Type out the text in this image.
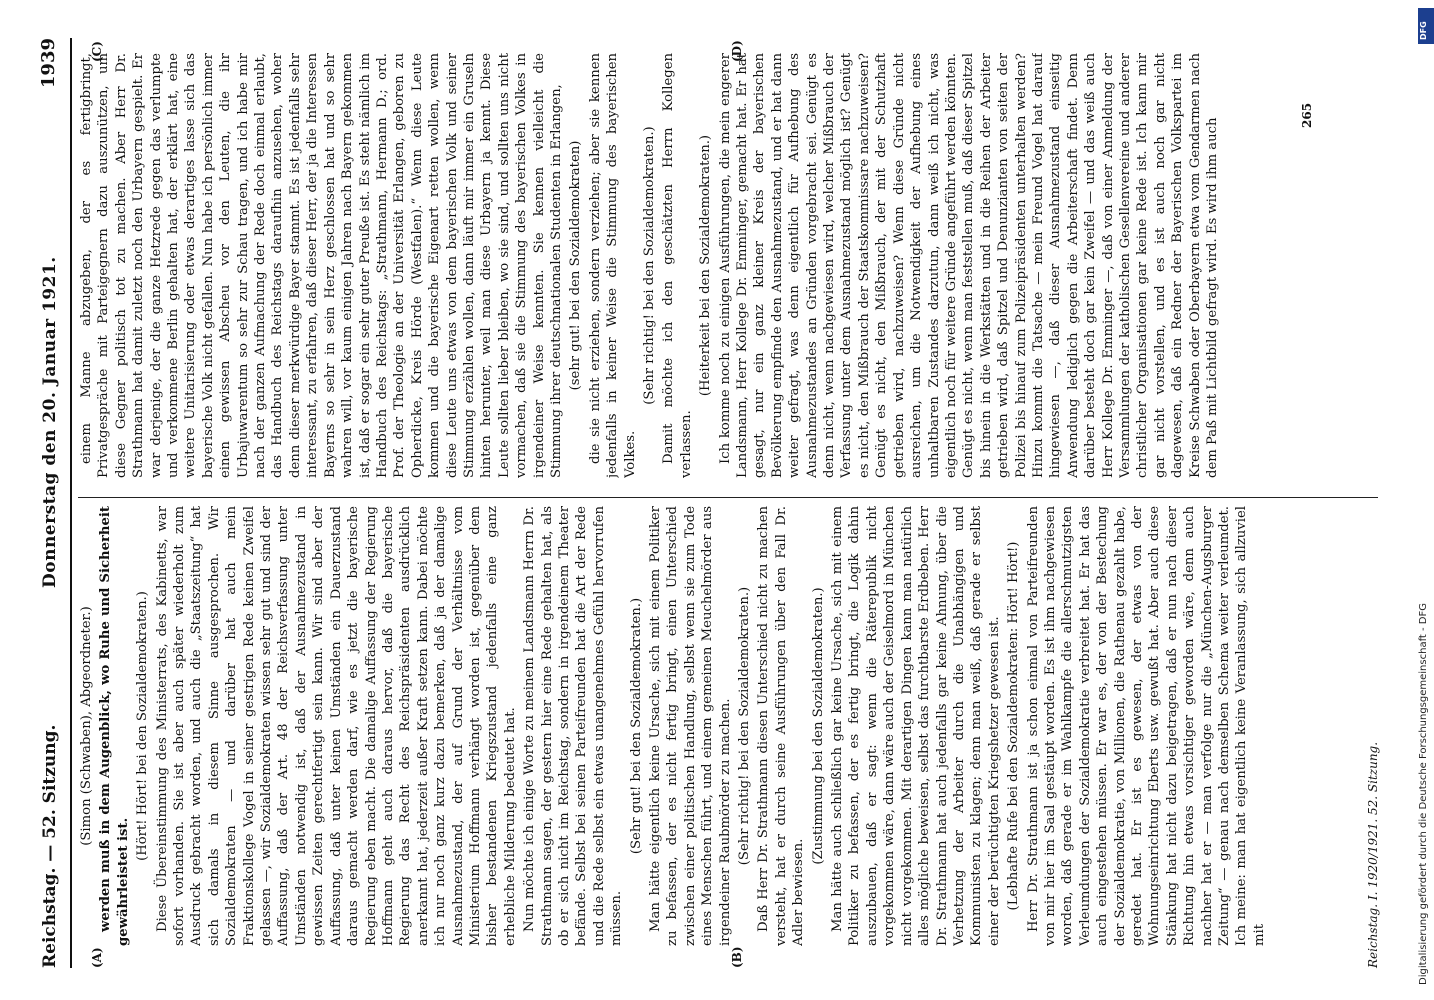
Reichstag. — 52. Sitzung.
Donnerstag den 20. Januar 1921.
1939
(A)	(B)
(C)	(D)

(Simon (Schwaben), Abgeordneter.) werden muß in dem Augenblick, wo Ruhe und Sicherheit gewährleistet ist.

(Hört! Hört! bei den Sozialdemokraten.) Diese Übereinstimmung des Ministerrats, des Kabinetts, war sofort vorhanden. Sie ist aber auch später wiederholt zum Ausdruck gebracht worden, und auch die „Staatszeitung“ hat sich damals in diesem Sinne ausgesprochen. Wir Sozialdemokraten — und darüber hat auch mein Fraktionskollege Vogel in seiner gestrigen Rede keinen Zweifel gelassen —, wir Sozialdemokraten wissen sehr gut und sind der Auffassung, daß der Art. 48 der Reichsverfassung unter Umständen notwendig ist, daß der Ausnahmezustand in gewissen Zeiten gerechtfertigt sein kann. Wir sind aber der Auffassung, daß unter keinen Umständen ein Dauerzustand daraus gemacht werden darf, wie es jetzt die bayerische Regierung eben macht. Die damalige Auffassung der Regierung Hoffmann geht auch daraus hervor, daß die bayerische Regierung das Recht des Reichspräsidenten ausdrücklich anerkannt hat, jederzeit außer Kraft setzen kann. Dabei möchte ich nur noch ganz kurz dazu bemerken, daß ja der damalige Ausnahmezustand, der auf Grund der Verhältnisse vom Ministerium Hoffmann verhängt worden ist, gegenüber dem bisher bestandenen Kriegszustand jedenfalls eine ganz erhebliche Milderung bedeutet hat. Nun möchte ich einige Worte zu meinem Landsmann Herrn Dr. Strathmann sagen, der gestern hier eine Rede gehalten hat, als ob er sich nicht im Reichstag, sondern in irgendeinem Theater befände. Selbst bei seinen Parteifreunden hat die Art der Rede und die Rede selbst ein etwas unangenehmes Gefühl hervorrufen müssen.

(Sehr gut! bei den Sozialdemokraten.) Man hätte eigentlich keine Ursache, sich mit einem Politiker zu befassen, der es nicht fertig bringt, einen Unterschied zwischen einer politischen Handlung, selbst wenn sie zum Tode eines Menschen führt, und einem gemeinen Meuchelmörder aus irgendeiner Raubmörder zu machen. (Sehr richtig! bei den Sozialdemokraten.) Daß Herr Dr. Strathmann diesen Unterschied nicht zu machen versteht, hat er durch seine Ausführungen über den Fall Dr. Adler bewiesen.

(Zustimmung bei den Sozialdemokraten.) Man hätte auch schließlich gar keine Ursache, sich mit einem Politiker zu befassen, der es fertig bringt, die Logik dahin auszubauen, daß er sagt: wenn die Räterepublik nicht vorgekommen wäre, dann wäre auch der Geiselmord in München nicht vorgekommen. Mit derartigen Dingen kann man natürlich alles mögliche beweisen, selbst das furchtbarste Erdbeben. Herr Dr. Strathmann hat auch jedenfalls gar keine Ahnung, über die Verhetzung der Arbeiter durch die Unabhängigen und Kommunisten zu klagen; denn man weiß, daß gerade er selbst einer der berüchtigten Kriegshetzer gewesen ist. (Lebhafte Rufe bei den Sozialdemokraten: Hört! Hört!) Herr Dr. Strathmann ist ja schon einmal von Parteifreunden von mir hier im Saal gestäupt worden. Es ist ihm nachgewiesen worden, daß gerade er im Wahlkampfe die allerschmutzigsten Verleumdungen der Sozialdemokratie verbreitet hat. Er hat das auch eingestehen müssen. Er war es, der von der Bestechung der Sozialdemokratie, von Millionen, die Rathenau gezahlt habe, geredet hat. Er ist es gewesen, der etwas von der Wohnungseinrichtung Eberts usw. gewußt hat. Aber auch diese Stänkung hat nicht dazu beigetragen, daß er nun nach dieser Richtung hin etwas vorsichtiger geworden wäre, denn auch nachher hat er — man verfolge nur die „München-Augsburger Zeitung“ — genau nach demselben Schema weiter verleumdet. Ich meine: man hat eigentlich keine Veranlassung, sich allzuviel mit

einem Manne abzugeben, der es fertigbringt, Privatgespräche mit Parteigegnern dazu auszunützen, um diese Gegner politisch tot zu machen. Aber Herr Dr. Strathmann hat damit zuletzt noch den Urbayern gespielt. Er war derjenige, der die ganze Hetzrede gegen das verlumpte und verkommene Berlin gehalten hat, der erklärt hat, eine weitere Unitarisierung oder etwas derartiges lasse sich das bayerische Volk nicht gefallen. Nun habe ich persönlich immer einen gewissen Abscheu vor den Leuten, die ihr Urbajuwarentum so sehr zur Schau tragen, und ich habe mir nach der ganzen Aufmachung der Rede doch einmal erlaubt, das Handbuch des Reichstags daraufhin anzusehen, woher denn dieser merkwürdige Bayer stammt. Es ist jedenfalls sehr interessant, zu erfahren, daß dieser Herr, der ja die Interessen Bayerns so sehr in sein Herz geschlossen hat und so sehr wahren will, vor kaum einigen Jahren nach Bayern gekommen ist, daß er sogar ein sehr guter Preuße ist. Es steht nämlich im Handbuch des Reichstags: „Strathmann, Hermann D.; ord. Prof. der Theologie an der Universität Erlangen, geboren zu Opherdicke, Kreis Hörde (Westfalen).“ Wenn diese Leute kommen und die bayerische Eigenart retten wollen, wenn diese Leute uns etwas von dem bayerischen Volk und seiner Stimmung erzählen wollen, dann läuft mir immer ein Gruseln hinten herunter, weil man diese Urbayern ja kennt. Diese Leute sollten lieber bleiben, wo sie sind, und sollten uns nicht vormachen, daß sie die Stimmung des bayerischen Volkes in irgendeiner Weise kennten. Sie kennen vielleicht die Stimmung ihrer deutschnationalen Studenten in Erlangen, (sehr gut! bei den Sozialdemokraten) die sie nicht erziehen, sondern verziehen; aber sie kennen jedenfalls in keiner Weise die Stimmung des bayerischen Volkes.

(Sehr richtig! bei den Sozialdemokraten.) Damit möchte ich den geschätzten Herrn Kollegen verlassen.

(Heiterkeit bei den Sozialdemokraten.) Ich komme noch zu einigen Ausführungen, die mein engerer Landsmann, Herr Kollege Dr. Emminger, gemacht hat. Er hat gesagt, nur ein ganz kleiner Kreis der bayerischen Bevölkerung empfinde den Ausnahmezustand, und er hat dann weiter gefragt, was denn eigentlich für Aufhebung des Ausnahmezustandes an Gründen vorgebracht sei. Genügt es denn nicht, wenn nachgewiesen wird, welcher Mißbrauch der Verfassung unter dem Ausnahmezustand möglich ist? Genügt es nicht, den Mißbrauch der Staatskommissare nachzuweisen? Genügt es nicht, den Mißbrauch, der mit der Schutzhaft getrieben wird, nachzuweisen? Wenn diese Gründe nicht ausreichen, um die Notwendigkeit der Aufhebung eines unhaltbaren Zustandes darzutun, dann weiß ich nicht, was eigentlich noch für weitere Gründe angeführt werden könnten. Genügt es nicht, wenn man feststellen muß, daß dieser Spitzel bis hinein in die Werkstätten und in die Reihen der Arbeiter getrieben wird, daß Spitzel und Denunzianten von seiten der Polizei bis hinauf zum Polizeipräsidenten unterhalten werden? Hinzu kommt die Tatsache — mein Freund Vogel hat darauf hingewiesen —, daß dieser Ausnahmezustand einseitig Anwendung lediglich gegen die Arbeiterschaft findet. Denn darüber besteht doch gar kein Zweifel — und das weiß auch Herr Kollege Dr. Emminger —, daß von einer Anmeldung der Versammlungen der katholischen Gesellenvereine und anderer christlicher Organisationen gar keine Rede ist. Ich kann mir gar nicht vorstellen, und es ist auch noch gar nicht dagewesen, daß ein Redner der Bayerischen Volkspartei im Kreise Schwaben oder Oberbayern etwa vom Gendarmen nach dem Paß mit Lichtbild gefragt wird. Es wird ihm auch

265
Reichstag. I. 1920/1921. 52. Sitzung.	Digitalisierung gefördert durch die Deutsche Forschungsgemeinschaft - DFG
DFG
